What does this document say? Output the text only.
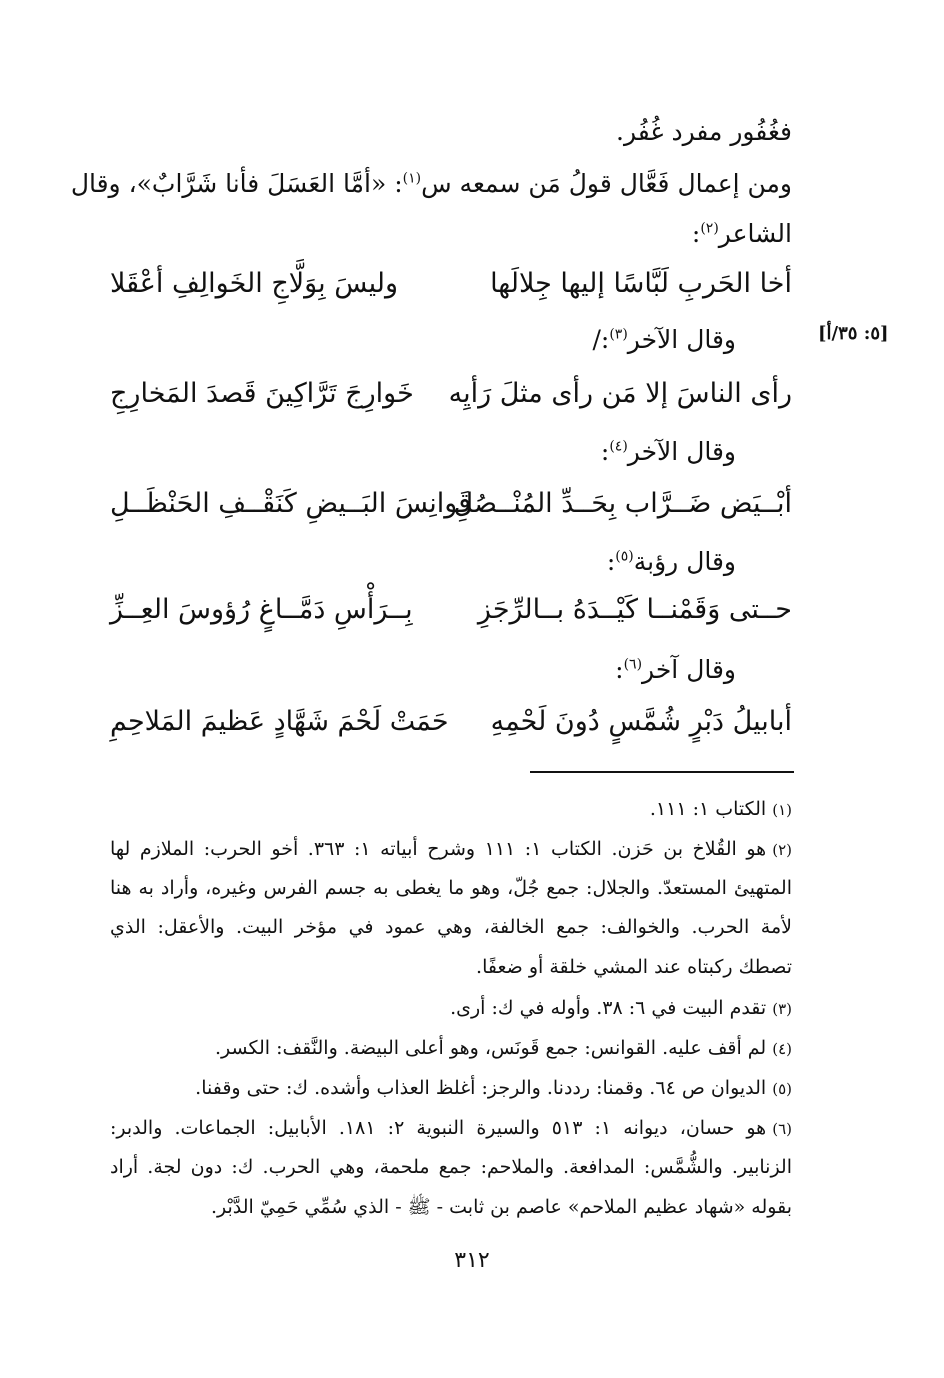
فغُفُور مفرد غُفُر.
ومن إعمال فَعَّال قولُ مَن سمعه س$^{(١)}$: «أمَّا العَسَلَ فأنا شَرَّابٌ»، وقال
الشاعر$^{(٢)}$:
أخا الحَربِ لَبَّاسًا إليها جِلالَها
وليسَ بِوَلَّاجِ الخَوالِفِ أعْقَلا
وقال الآخر$^{(٣)}$:/	[٥: ٣٥/أ]
رأى الناسَ إلا مَن رأى مثلَ رَأيِه
خَوارِجَ تَرَّاكِينَ قَصدَ المَخارِجِ
وقال الآخر$^{(٤)}$:
أبْــيَض ضَــرَّاب بِحَــدِّ المُنْــصُلِ
قَوانِسَ البَــيضِ كَنَقْــفِ الحَنْظَــلِ
وقال رؤبة$^{(٥)}$:
حــتى وَقَمْنــا كَيْــدَهُ بــالرِّجَزِ
بِــرَأْسِ دَمَّــاغٍ رُؤوسَ العِــزِّ
وقال آخر$^{(٦)}$:
أبابيلُ دَبْرٍ شُمَّسٍ دُونَ لَحْمِهِ
حَمَتْ لَحْمَ شَهَّادٍ عَظيمَ المَلاحِمِ
(١)الكتاب ١: ١١١.
(٢)هو القُلاخ بن حَزن. الكتاب ١: ١١١ وشرح أبياته ١: ٣٦٣. أخو الحرب: الملازم لها
المتهيئ المستعدّ. والجلال: جمع جُلّ، وهو ما يغطى به جسم الفرس وغيره، وأراد به هنا
لأمة الحرب. والخوالف: جمع الخالفة، وهي عمود في مؤخر البيت. والأعقل: الذي
تصطك ركبتاه عند المشي خلقة أو ضعفًا.
(٣)تقدم البيت في ٦: ٣٨. وأوله في ك: أرى.
(٤)لم أقف عليه. القوانس: جمع قَونَس، وهو أعلى البيضة. والنَّقف: الكسر.
(٥)الديوان ص ٦٤. وقمنا: رددنا. والرجز: أغلظ العذاب وأشده. ك: حتى وقفنا.
(٦)هو حسان، ديوانه ١: ٥١٣ والسيرة النبوية ٢: ١٨١. الأبابيل: الجماعات. والدبر:
الزنابير. والشُّمَّس: المدافعة. والملاحم: جمع ملحمة، وهي الحرب. ك: دون لجة. أراد
بقوله «شهاد عظيم الملاحم» عاصم بن ثابت - ﷺ - الذي سُمِّي حَمِيّ الدَّبْر.
٣١٢
